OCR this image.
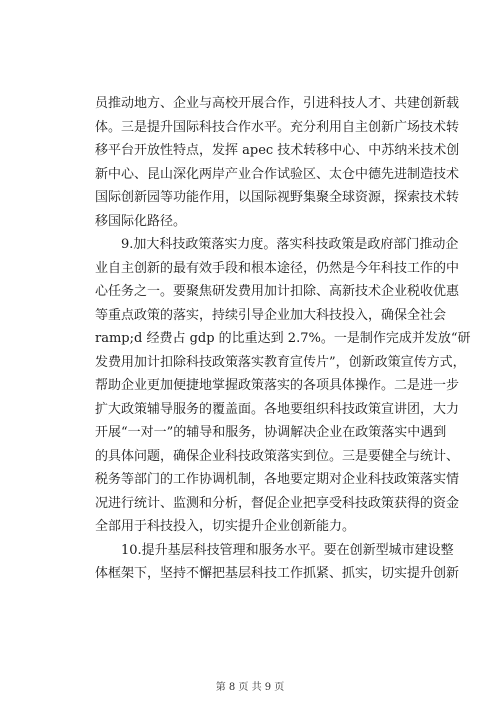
员推动地方、企业与高校开展合作，引进科技人才、共建创新载
体。三是提升国际科技合作水平。充分利用自主创新广场技术转
移平台开放性特点，发挥 apec 技术转移中心、中苏纳米技术创
新中心、昆山深化两岸产业合作试验区、太仓中德先进制造技术
国际创新园等功能作用，以国际视野集聚全球资源，探索技术转
移国际化路径。
9.加大科技政策落实力度。落实科技政策是政府部门推动企
业自主创新的最有效手段和根本途径，仍然是今年科技工作的中
心任务之一。要聚焦研发费用加计扣除、高新技术企业税收优惠
等重点政策的落实，持续引导企业加大科技投入，确保全社会
ramp;d 经费占 gdp 的比重达到 2.7%。一是制作完成并发放“研
发费用加计扣除科技政策落实教育宣传片”，创新政策宣传方式，
帮助企业更加便捷地掌握政策落实的各项具体操作。二是进一步
扩大政策辅导服务的覆盖面。各地要组织科技政策宣讲团，大力
开展“一对一”的辅导和服务，协调解决企业在政策落实中遇到
的具体问题，确保企业科技政策落实到位。三是要健全与统计、
税务等部门的工作协调机制，各地要定期对企业科技政策落实情
况进行统计、监测和分析，督促企业把享受科技政策获得的资金
全部用于科技投入，切实提升企业创新能力。
10.提升基层科技管理和服务水平。要在创新型城市建设整
体框架下，坚持不懈把基层科技工作抓紧、抓实，切实提升创新
第 8 页 共 9 页
